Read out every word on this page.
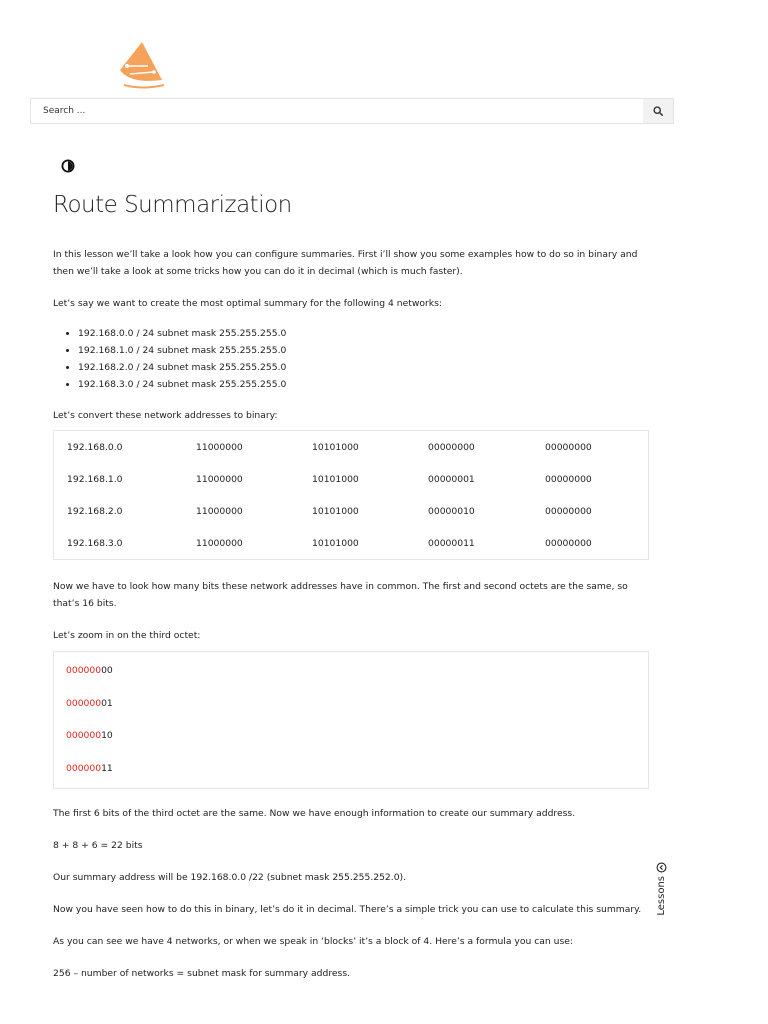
Search ...
Route Summarization

In this lesson we’ll take a look how you can configure summaries. First i’ll show you some examples how to do so in binary and then we’ll take a look at some tricks how you can do it in decimal (which is much faster).

Let’s say we want to create the most optimal summary for the following 4 networks:

• 192.168.0.0 / 24 subnet mask 255.255.255.0
• 192.168.1.0 / 24 subnet mask 255.255.255.0
• 192.168.2.0 / 24 subnet mask 255.255.255.0
• 192.168.3.0 / 24 subnet mask 255.255.255.0

Let’s convert these network addresses to binary:

192.168.0.0	11000000	10101000	00000000	00000000
192.168.1.0	11000000	10101000	00000001	00000000
192.168.2.0	11000000	10101000	00000010	00000000
192.168.3.0	11000000	10101000	00000011	00000000

Now we have to look how many bits these network addresses have in common. The first and second octets are the same, so that’s 16 bits.

Let’s zoom in on the third octet:

00000000
00000001
00000010
00000011

The first 6 bits of the third octet are the same. Now we have enough information to create our summary address.

8 + 8 + 6 = 22 bits

Our summary address will be 192.168.0.0 /22 (subnet mask 255.255.252.0).

Now you have seen how to do this in binary, let’s do it in decimal. There’s a simple trick you can use to calculate this summary.

As you can see we have 4 networks, or when we speak in ‘blocks’ it’s a block of 4. Here’s a formula you can use:

256 – number of networks = subnet mask for summary address.

Lessons
